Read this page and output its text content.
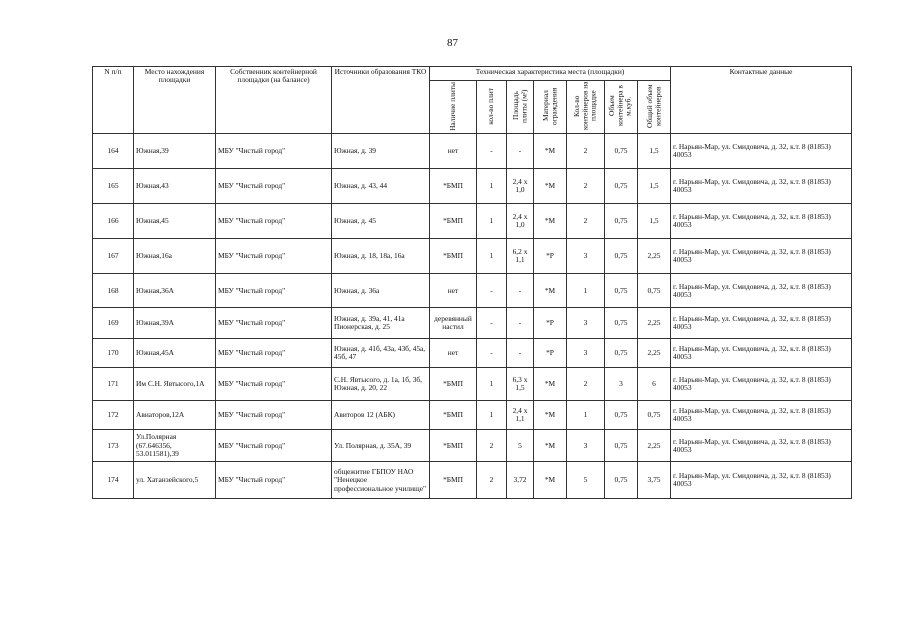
87
N п/п	Место нахождения площадки	Собственник контейнерной площадки (на балансе)	Источники образования ТКО	Техническая характеристика места (площадки)							Контактные данные
				Наличие плиты	кол-во плит	Площадь плиты (м²)	Материал ограждения	Кол-во контейнеров на площадке	Объем контейнера в м.куб.	Общий объем контейнеров	
164	Южная,39	МБУ "Чистый город"	Южная, д. 39	нет	-	-	*М	2	0,75	1,5	г. Нарьян-Мар, ул. Смидовича, д. 32, к.т. 8 (81853) 40053
165	Южная,43	МБУ "Чистый город"	Южная, д. 43, 44	*БМП	1	2,4 x 1,0	*М	2	0,75	1,5	г. Нарьян-Мар, ул. Смидовича, д. 32, к.т. 8 (81853) 40053
166	Южная,45	МБУ "Чистый город"	Южная, д. 45	*БМП	1	2,4 x 1,0	*М	2	0,75	1,5	г. Нарьян-Мар, ул. Смидовича, д. 32, к.т. 8 (81853) 40053
167	Южная,16а	МБУ "Чистый город"	Южная, д. 18, 18а, 16а	*БМП	1	6,2 x 1,1	*Р	3	0,75	2,25	г. Нарьян-Мар, ул. Смидовича, д. 32, к.т. 8 (81853) 40053
168	Южная,36А	МБУ "Чистый город"	Южная, д. 36а	нет	-	-	*М	1	0,75	0,75	г. Нарьян-Мар, ул. Смидовича, д. 32, к.т. 8 (81853) 40053
169	Южная,39А	МБУ "Чистый город"	Южная, д. 39а, 41, 41а Пионерская, д. 25	деревянный настил	-	-	*Р	3	0,75	2,25	г. Нарьян-Мар, ул. Смидовича, д. 32, к.т. 8 (81853) 40053
170	Южная,45А	МБУ "Чистый город"	Южная, д. 41б, 43а, 43б, 45а, 45б, 47	нет	-	-	*Р	3	0,75	2,25	г. Нарьян-Мар, ул. Смидовича, д. 32, к.т. 8 (81853) 40053
171	Им С.Н. Явтысого,1А	МБУ "Чистый город"	С.Н. Явтысого, д. 1а, 1б, 3б, Южная, д. 20, 22	*БМП	1	6,3 x 1,5	*М	2	3	6	г. Нарьян-Мар, ул. Смидовича, д. 32, к.т. 8 (81853) 40053
172	Авиаторов,12А	МБУ "Чистый город"	Авиторов 12 (АБК)	*БМП	1	2,4 x 1,1	*М	1	0,75	0,75	г. Нарьян-Мар, ул. Смидовича, д. 32, к.т. 8 (81853) 40053
173	Ул.Полярная (67.646356, 53.011581),39	МБУ "Чистый город"	Ул. Полярная, д. 35А, 39	*БМП	2	5	*М	3	0,75	2,25	г. Нарьян-Мар, ул. Смидовича, д. 32, к.т. 8 (81853) 40053
174	ул. Хатанзейского,5	МБУ "Чистый город"	общежитие ГБПОУ НАО "Ненецкое профессиональное училище"	*БМП	2	3,72	*М	5	0,75	3,75	г. Нарьян-Мар, ул. Смидовича, д. 32, к.т. 8 (81853) 40053
